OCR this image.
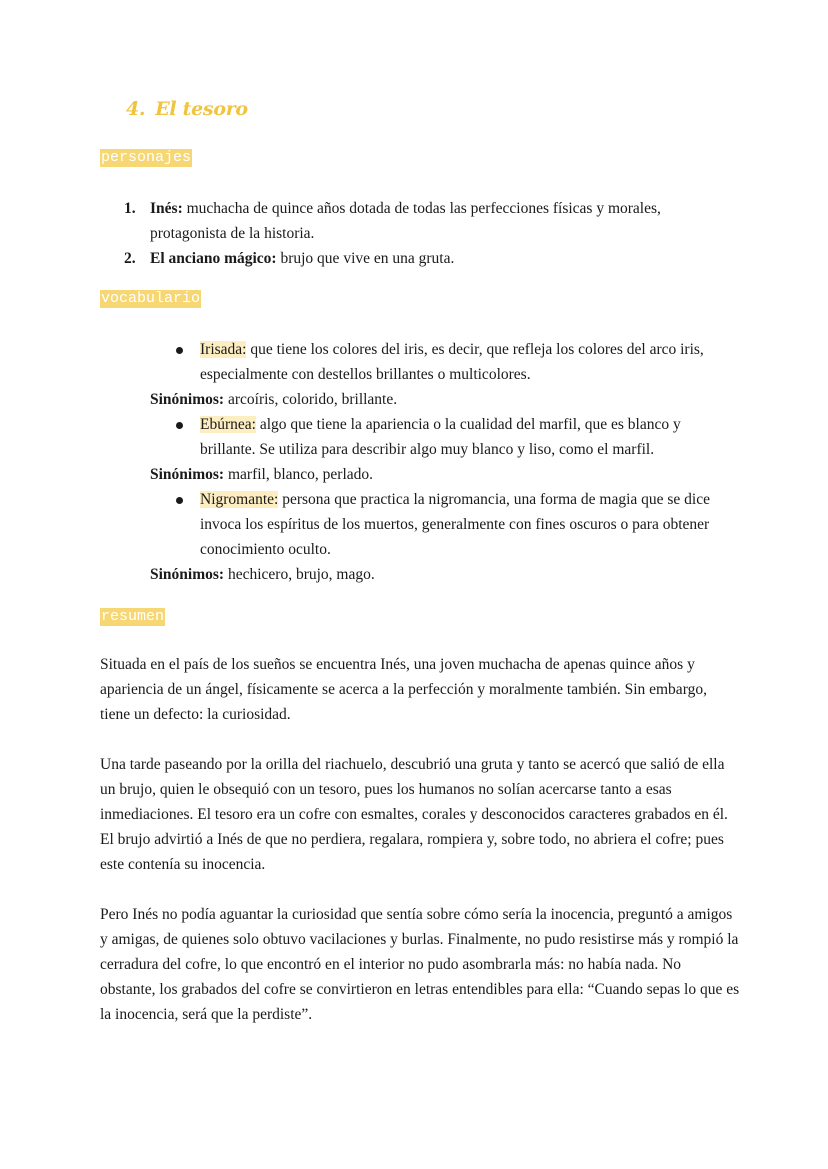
4. El tesoro
personajes
1. Inés: muchacha de quince años dotada de todas las perfecciones físicas y morales, protagonista de la historia.
2. El anciano mágico: brujo que vive en una gruta.
vocabulario
Irisada: que tiene los colores del iris, es decir, que refleja los colores del arco iris, especialmente con destellos brillantes o multicolores.
Sinónimos: arcoíris, colorido, brillante.
Ebúrnea: algo que tiene la apariencia o la cualidad del marfil, que es blanco y brillante. Se utiliza para describir algo muy blanco y liso, como el marfil.
Sinónimos: marfil, blanco, perlado.
Nigromante: persona que practica la nigromancia, una forma de magia que se dice invoca los espíritus de los muertos, generalmente con fines oscuros o para obtener conocimiento oculto.
Sinónimos: hechicero, brujo, mago.
resumen

Situada en el país de los sueños se encuentra Inés, una joven muchacha de apenas quince años y apariencia de un ángel, físicamente se acerca a la perfección y moralmente también. Sin embargo, tiene un defecto: la curiosidad.

Una tarde paseando por la orilla del riachuelo, descubrió una gruta y tanto se acercó que salió de ella un brujo, quien le obsequió con un tesoro, pues los humanos no solían acercarse tanto a esas inmediaciones. El tesoro era un cofre con esmaltes, corales y desconocidos caracteres grabados en él. El brujo advirtió a Inés de que no perdiera, regalara, rompiera y, sobre todo, no abriera el cofre; pues este contenía su inocencia.

Pero Inés no podía aguantar la curiosidad que sentía sobre cómo sería la inocencia, preguntó a amigos y amigas, de quienes solo obtuvo vacilaciones y burlas. Finalmente, no pudo resistirse más y rompió la cerradura del cofre, lo que encontró en el interior no pudo asombrarla más: no había nada. No obstante, los grabados del cofre se convirtieron en letras entendibles para ella: “Cuando sepas lo que es la inocencia, será que la perdiste”.
